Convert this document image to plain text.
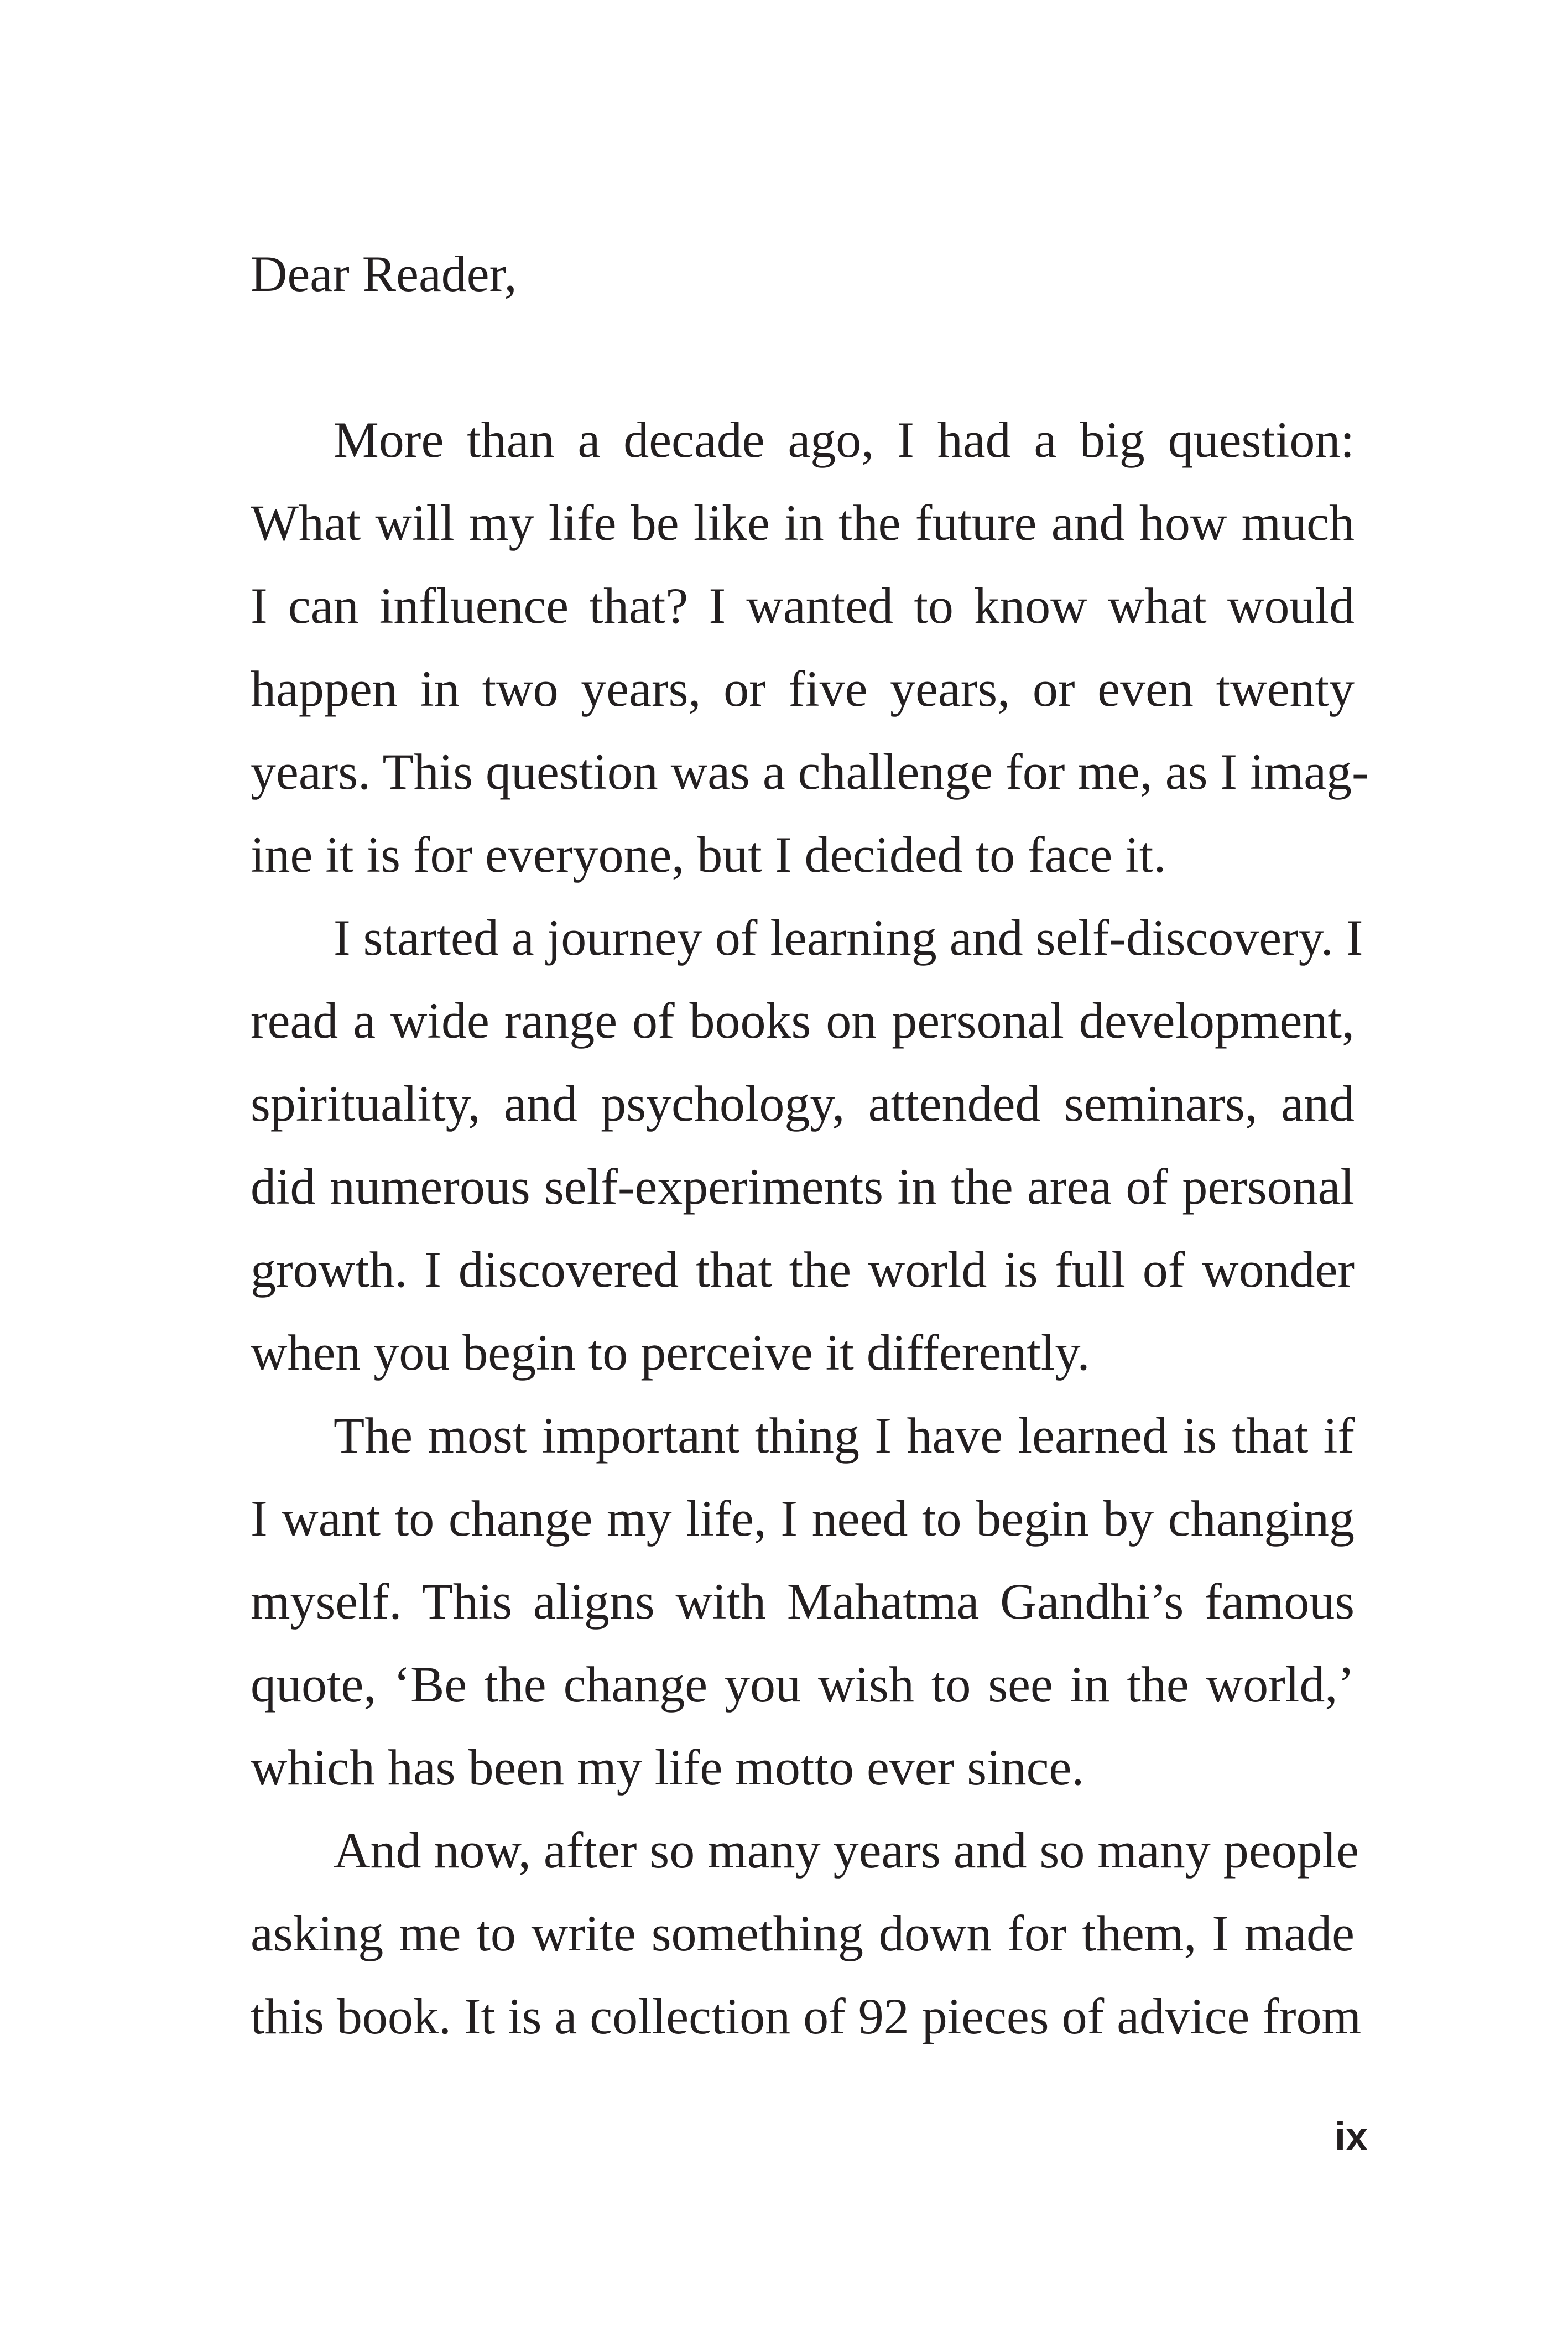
Dear Reader,
More than a decade ago, I had a big question:
What will my life be like in the future and how much
I can influence that? I wanted to know what would
happen in two years, or five years, or even twenty
years. This question was a challenge for me, as I imag-
ine it is for everyone, but I decided to face it.
I started a journey of learning and self-discovery. I
read a wide range of books on personal development,
spirituality, and psychology, attended seminars, and
did numerous self-experiments in the area of personal
growth. I discovered that the world is full of wonder
when you begin to perceive it differently.
The most important thing I have learned is that if
I want to change my life, I need to begin by changing
myself. This aligns with Mahatma Gandhi’s famous
quote, ‘Be the change you wish to see in the world,’
which has been my life motto ever since.
And now, after so many years and so many people
asking me to write something down for them, I made
this book. It is a collection of 92 pieces of advice from
ix
